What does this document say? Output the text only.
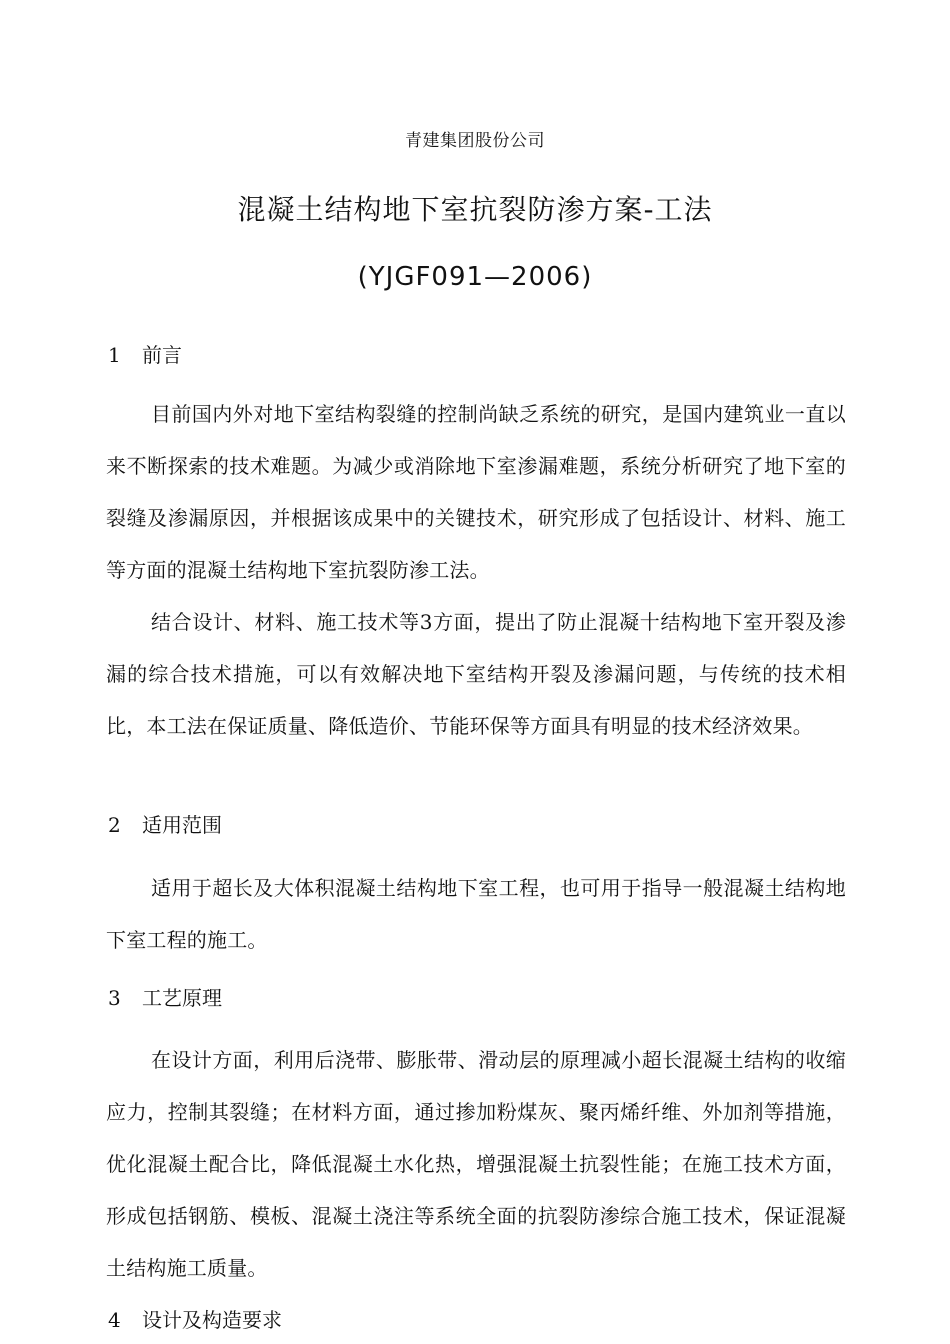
青建集团股份公司
混凝土结构地下室抗裂防渗方案-工法
(YJGF091—2006)
1 前言
目前国内外对地下室结构裂缝的控制尚缺乏系统的研究，是国内建筑业一直以来不断探索的技术难题。为减少或消除地下室渗漏难题，系统分析研究了地下室的裂缝及渗漏原因，并根据该成果中的关键技术，研究形成了包括设计、材料、施工等方面的混凝土结构地下室抗裂防渗工法。
结合设计、材料、施工技术等3方面，提出了防止混凝十结构地下室开裂及渗漏的综合技术措施，可以有效解决地下室结构开裂及渗漏问题，与传统的技术相比，本工法在保证质量、降低造价、节能环保等方面具有明显的技术经济效果。
2 适用范围
适用于超长及大体积混凝土结构地下室工程，也可用于指导一般混凝土结构地下室工程的施工。
3 工艺原理
在设计方面，利用后浇带、膨胀带、滑动层的原理减小超长混凝土结构的收缩应力，控制其裂缝；在材料方面，通过掺加粉煤灰、聚丙烯纤维、外加剂等措施，优化混凝土配合比，降低混凝土水化热，增强混凝土抗裂性能；在施工技术方面，形成包括钢筋、模板、混凝土浇注等系统全面的抗裂防渗综合施工技术，保证混凝土结构施工质量。
4 设计及构造要求
